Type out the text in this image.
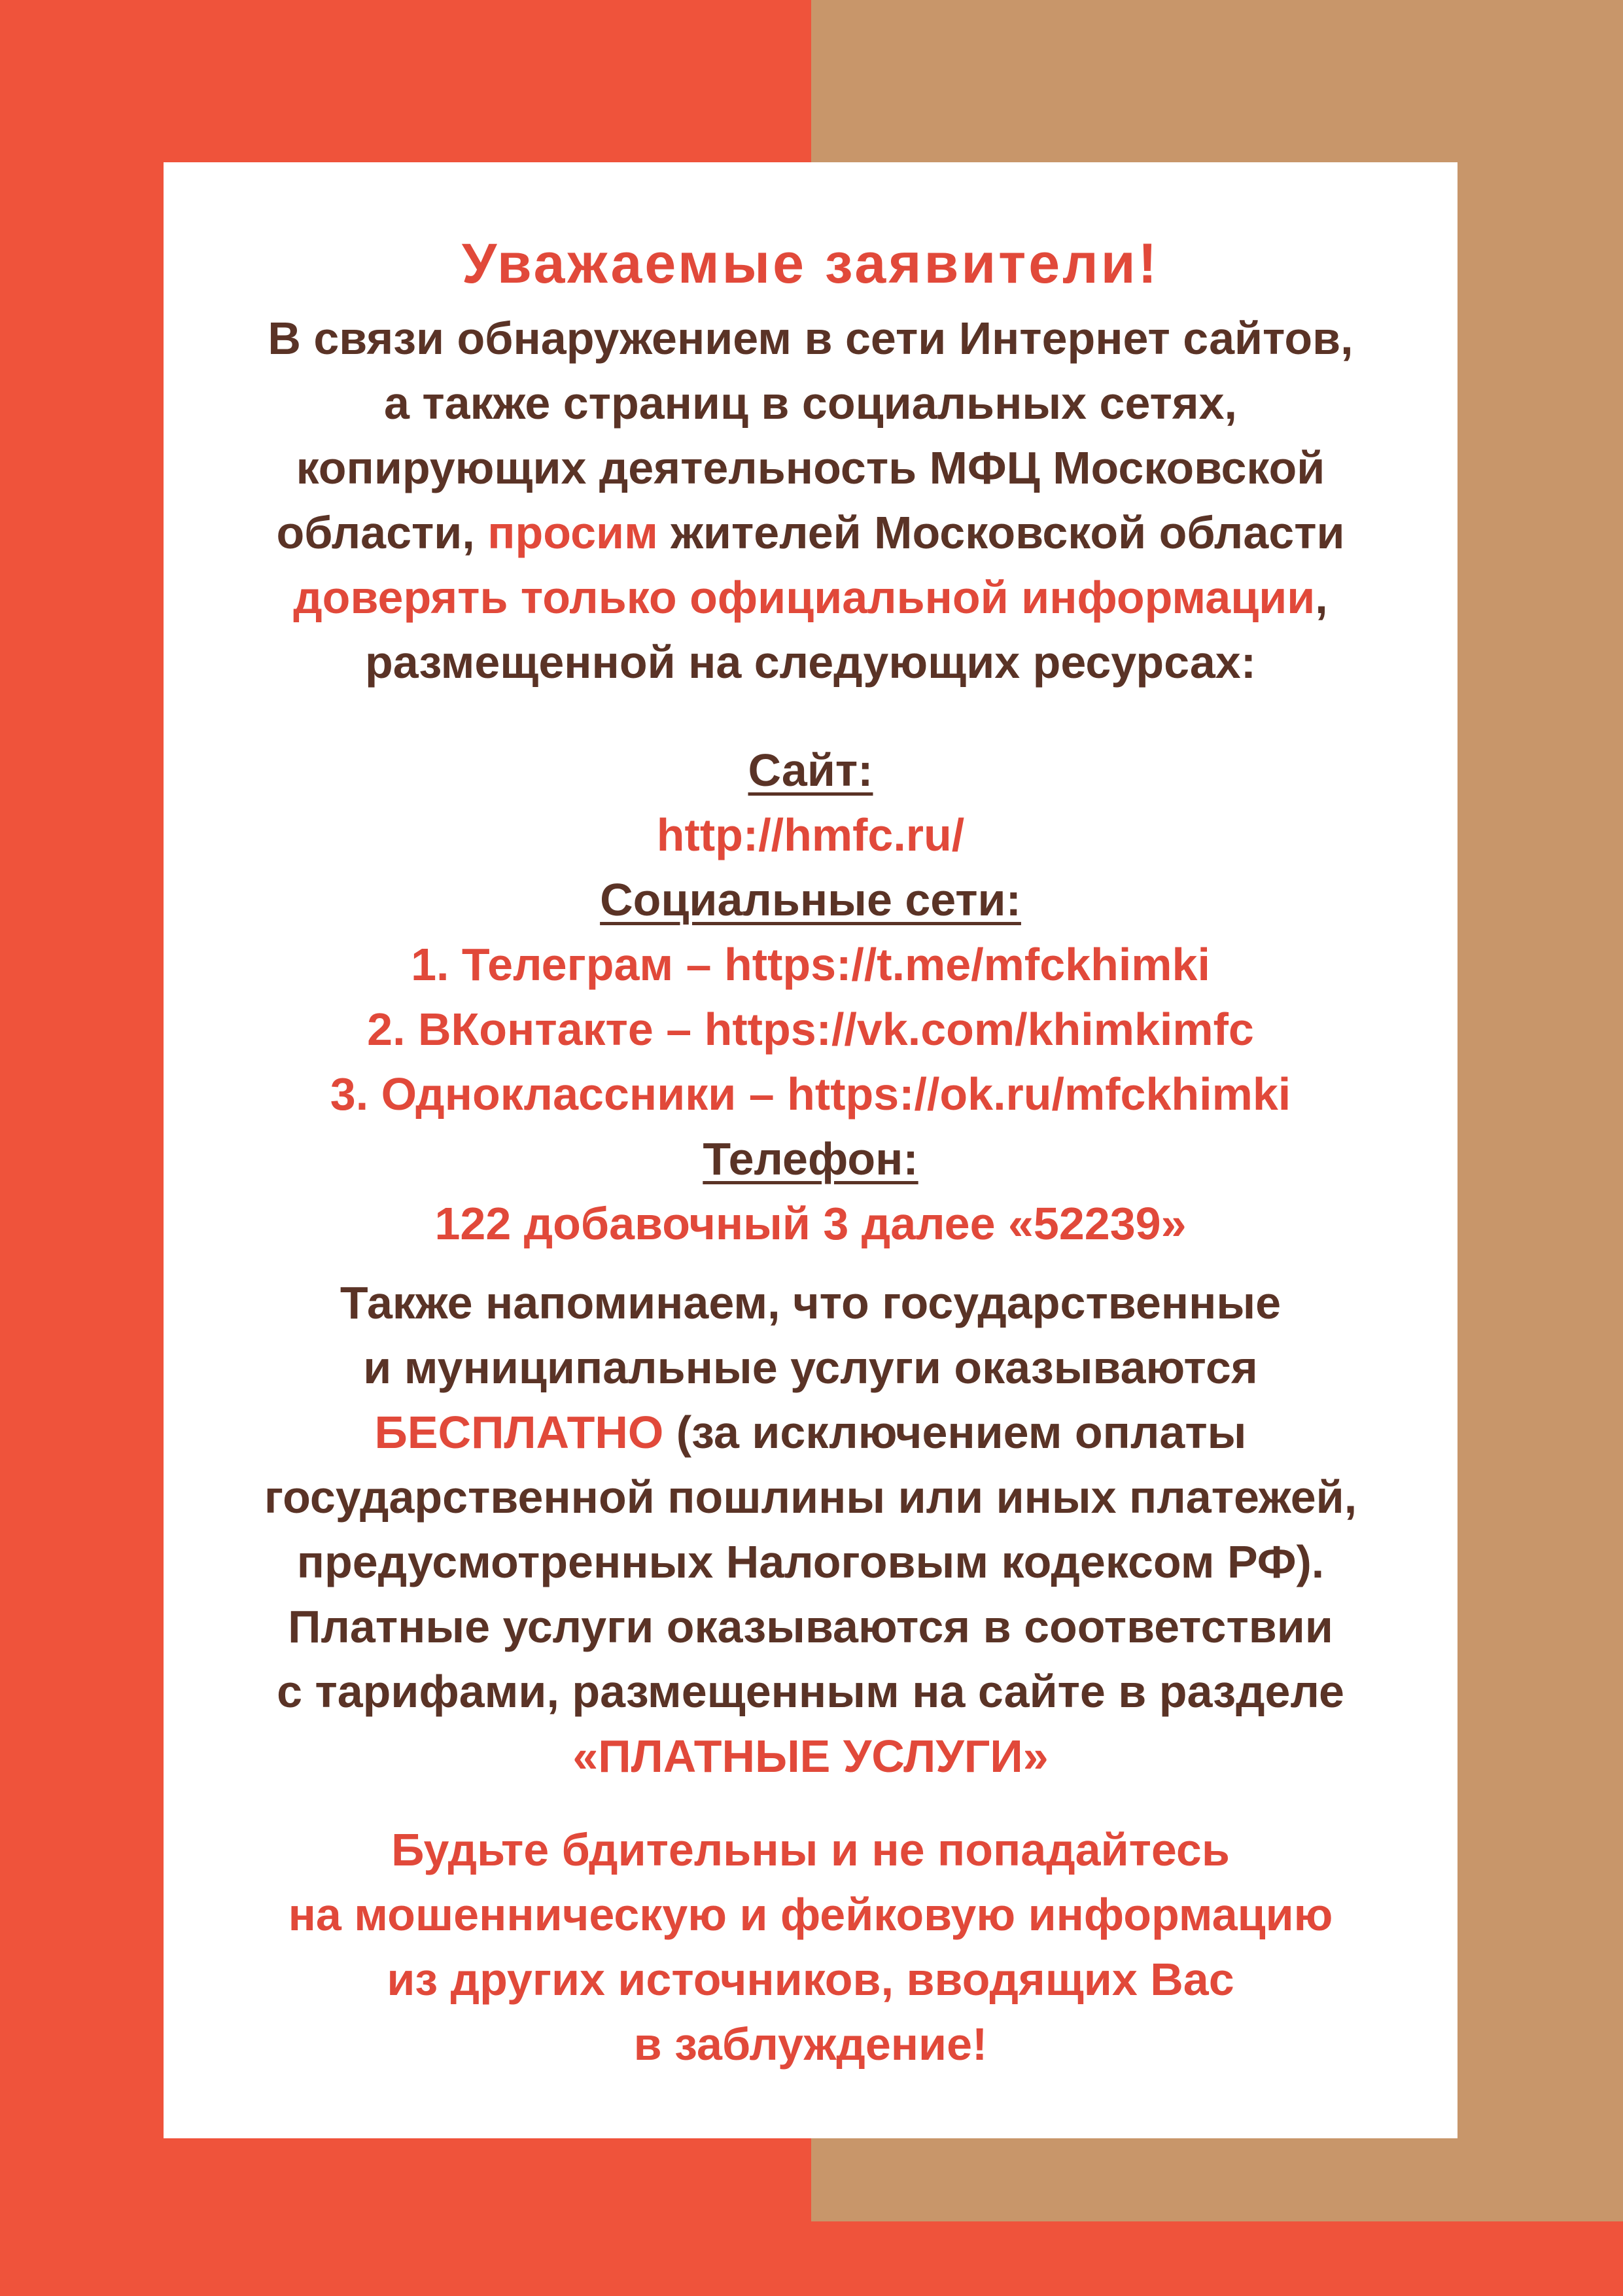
Уважаемые заявители!
В связи обнаружением в сети Интернет сайтов,
а также страниц в социальных сетях,
копирующих деятельность МФЦ Московской
области, просим жителей Московской области
доверять только официальной информации,
размещенной на следующих ресурсах:
Сайт:
http://hmfc.ru/
Социальные сети:
1. Телеграм – https://t.me/mfckhimki
2. ВКонтакте – https://vk.com/khimkimfc
3. Одноклассники – https://ok.ru/mfckhimki
Телефон:
122 добавочный 3 далее «52239»
Также напоминаем, что государственные
и муниципальные услуги оказываются
БЕСПЛАТНО (за исключением оплаты
государственной пошлины или иных платежей,
предусмотренных Налоговым кодексом РФ).
Платные услуги оказываются в соответствии
с тарифами, размещенным на сайте в разделе
«ПЛАТНЫЕ УСЛУГИ»
Будьте бдительны и не попадайтесь
на мошенническую и фейковую информацию
из других источников, вводящих Вас
в заблуждение!
